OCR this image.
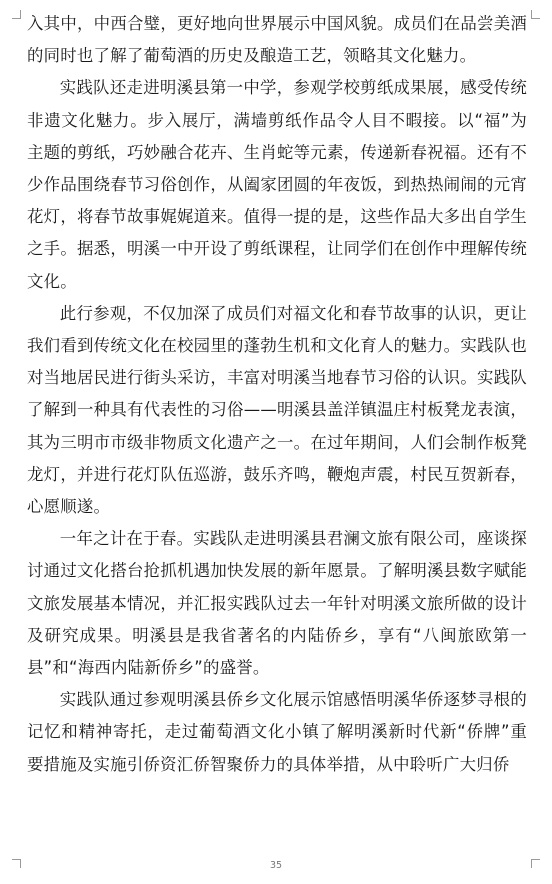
入其中，中西合璧，更好地向世界展示中国风貌。成员们在品尝美酒的同时也了解了葡萄酒的历史及酿造工艺，领略其文化魅力。

实践队还走进明溪县第一中学，参观学校剪纸成果展，感受传统非遗文化魅力。步入展厅，满墙剪纸作品令人目不暇接。以“福”为主题的剪纸，巧妙融合花卉、生肖蛇等元素，传递新春祝福。还有不少作品围绕春节习俗创作，从阖家团圆的年夜饭，到热热闹闹的元宵花灯，将春节故事娓娓道来。值得一提的是，这些作品大多出自学生之手。据悉，明溪一中开设了剪纸课程，让同学们在创作中理解传统文化。

此行参观，不仅加深了成员们对福文化和春节故事的认识，更让我们看到传统文化在校园里的蓬勃生机和文化育人的魅力。实践队也对当地居民进行街头采访，丰富对明溪当地春节习俗的认识。实践队了解到一种具有代表性的习俗——明溪县盖洋镇温庄村板凳龙表演，其为三明市市级非物质文化遗产之一。在过年期间，人们会制作板凳龙灯，并进行花灯队伍巡游，鼓乐齐鸣，鞭炮声震，村民互贺新春，心愿顺遂。

一年之计在于春。实践队走进明溪县君澜文旅有限公司，座谈探讨通过文化搭台抢抓机遇加快发展的新年愿景。了解明溪县数字赋能文旅发展基本情况，并汇报实践队过去一年针对明溪文旅所做的设计及研究成果。明溪县是我省著名的内陆侨乡，享有“八闽旅欧第一县”和“海西内陆新侨乡”的盛誉。

实践队通过参观明溪县侨乡文化展示馆感悟明溪华侨逐梦寻根的记忆和精神寄托，走过葡萄酒文化小镇了解明溪新时代新“侨牌”重要措施及实施引侨资汇侨智聚侨力的具体举措，从中聆听广大归侨

35
